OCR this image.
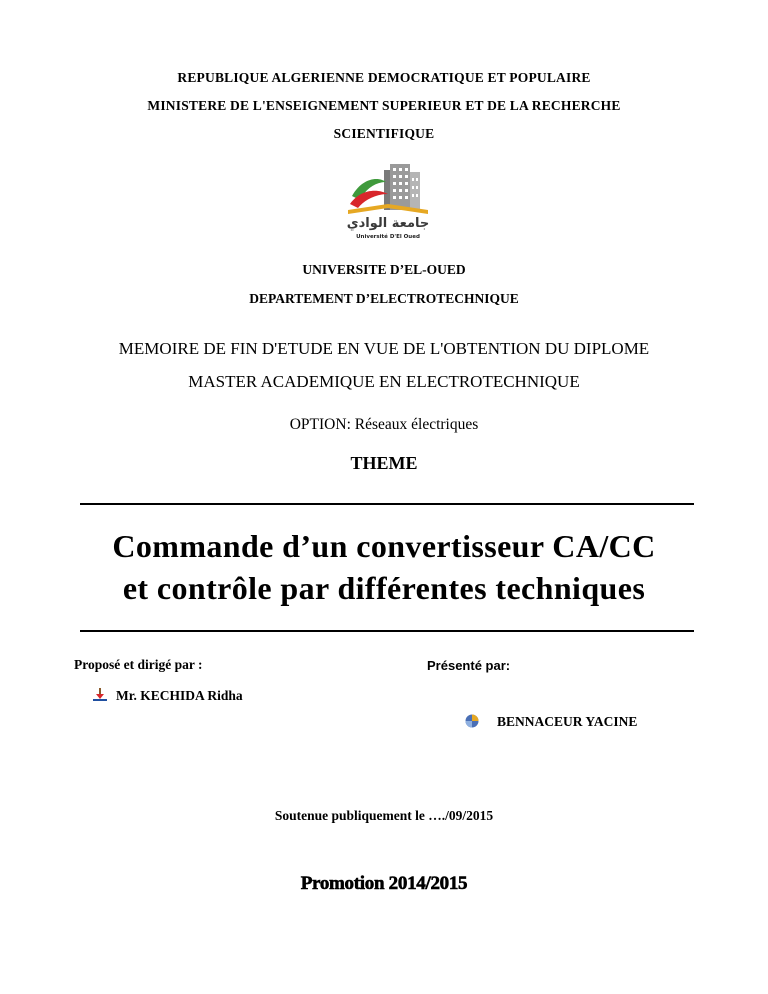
REPUBLIQUE ALGERIENNE DEMOCRATIQUE ET POPULAIRE
MINISTERE DE L'ENSEIGNEMENT SUPERIEUR ET DE LA RECHERCHE
SCIENTIFIQUE
جامعة الوادي
Université D'El Oued
UNIVERSITE D’EL-OUED
DEPARTEMENT D’ELECTROTECHNIQUE
MEMOIRE DE FIN D'ETUDE EN VUE DE L'OBTENTION DU DIPLOME
MASTER ACADEMIQUE EN ELECTROTECHNIQUE
OPTION: Réseaux électriques
THEME
Commande d’un convertisseur CA/CC
et contrôle par différentes techniques
Proposé et dirigé par :	Présenté par:
Mr. KECHIDA Ridha
BENNACEUR YACINE
Soutenue publiquement le …./09/2015
Promotion 2014/2015
